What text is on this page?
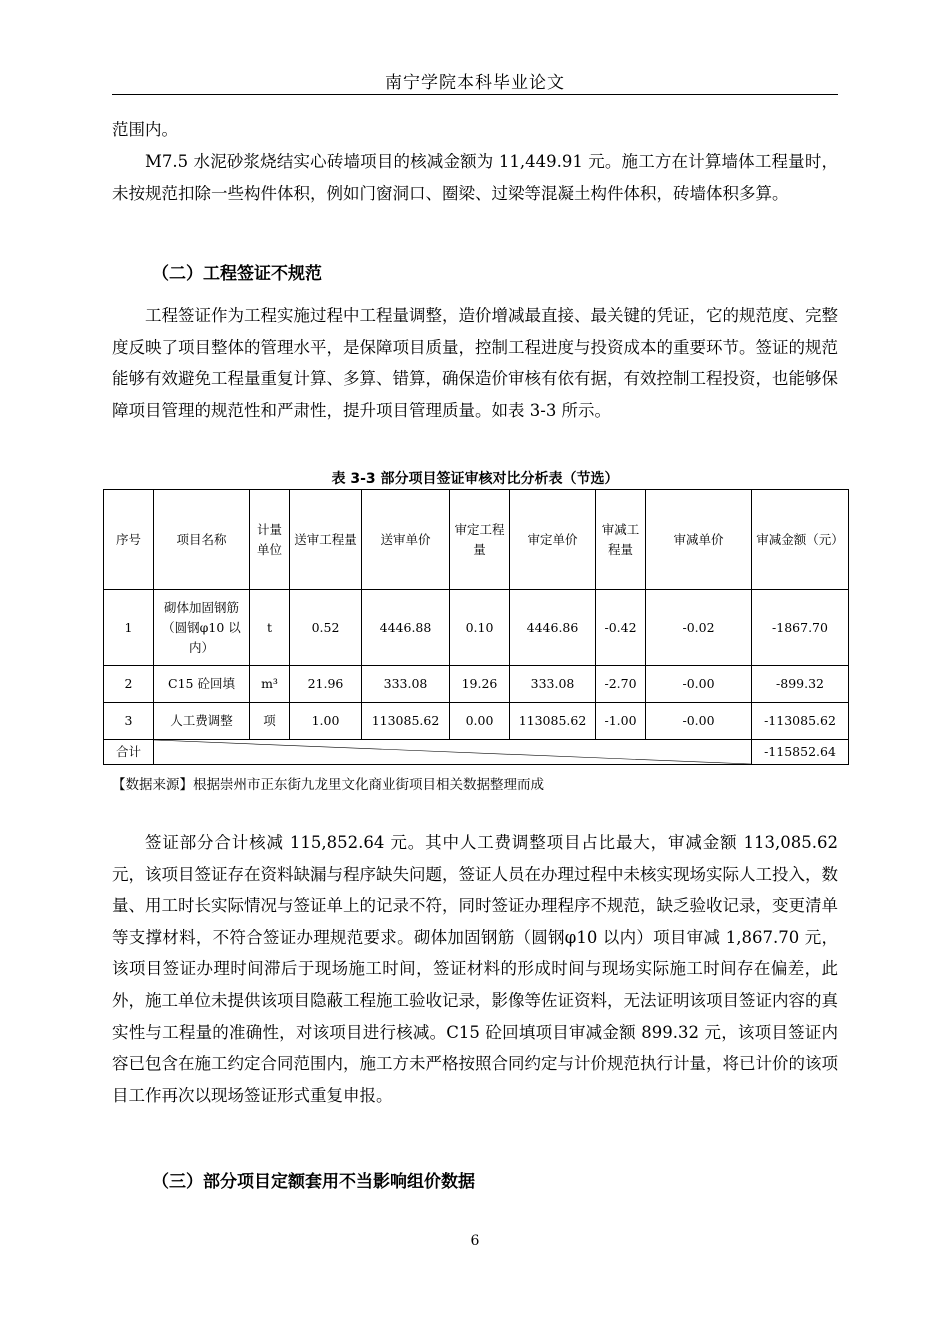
南宁学院本科毕业论文
范围内。
M7.5 水泥砂浆烧结实心砖墙项目的核减金额为 11,449.91 元。施工方在计算墙体工程量时，未按规范扣除一些构件体积，例如门窗洞口、圈梁、过梁等混凝土构件体积，砖墙体积多算。
（二）工程签证不规范
工程签证作为工程实施过程中工程量调整，造价增减最直接、最关键的凭证，它的规范度、完整度反映了项目整体的管理水平，是保障项目质量，控制工程进度与投资成本的重要环节。签证的规范能够有效避免工程量重复计算、多算、错算，确保造价审核有依有据，有效控制工程投资，也能够保障项目管理的规范性和严肃性，提升项目管理质量。如表 3-3 所示。
表 3-3 部分项目签证审核对比分析表（节选）
序号	项目名称	计量单位	送审工程量	送审单价	审定工程量	审定单价	审减工程量	审减单价	审减金额（元）
1	砌体加固钢筋（圆钢φ10 以内）	t	0.52	4446.88	0.10	4446.86	-0.42	-0.02	-1867.70
2	C15 砼回填	m³	21.96	333.08	19.26	333.08	-2.70	-0.00	-899.32
3	人工费调整	项	1.00	113085.62	0.00	113085.62	-1.00	-0.00	-113085.62
合计									-115852.64
【数据来源】根据崇州市正东街九龙里文化商业街项目相关数据整理而成
签证部分合计核减 115,852.64 元。其中人工费调整项目占比最大，审减金额 113,085.62 元，该项目签证存在资料缺漏与程序缺失问题，签证人员在办理过程中未核实现场实际人工投入，数量、用工时长实际情况与签证单上的记录不符，同时签证办理程序不规范，缺乏验收记录，变更清单等支撑材料，不符合签证办理规范要求。砌体加固钢筋（圆钢φ10 以内）项目审减 1,867.70 元，该项目签证办理时间滞后于现场施工时间，签证材料的形成时间与现场实际施工时间存在偏差，此外，施工单位未提供该项目隐蔽工程施工验收记录，影像等佐证资料，无法证明该项目签证内容的真实性与工程量的准确性，对该项目进行核减。C15 砼回填项目审减金额 899.32 元，该项目签证内容已包含在施工约定合同范围内，施工方未严格按照合同约定与计价规范执行计量，将已计价的该项目工作再次以现场签证形式重复申报。
（三）部分项目定额套用不当影响组价数据
6
